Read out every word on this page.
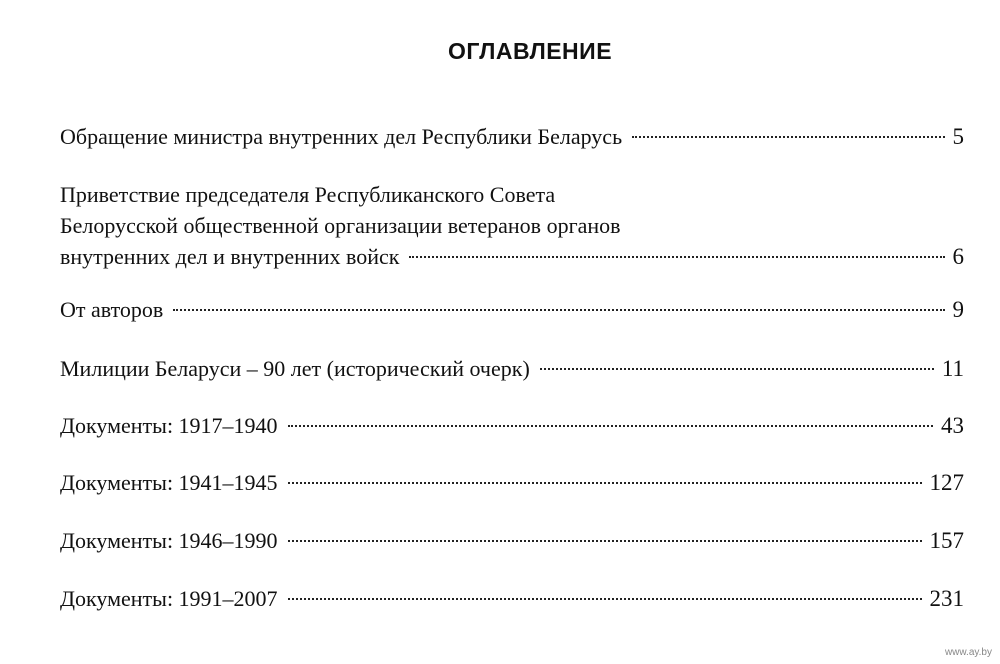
ОГЛАВЛЕНИЕ
Обращение министра внутренних дел Республики Беларусь	5
Приветствие председателя Республиканского Совета
Белорусской общественной организации ветеранов органов
внутренних дел и внутренних войск	6
От авторов	9
Милиции Беларуси – 90 лет (исторический очерк)	11
Документы: 1917–1940	43
Документы: 1941–1945	127
Документы: 1946–1990	157
Документы: 1991–2007	231
www.ay.by
